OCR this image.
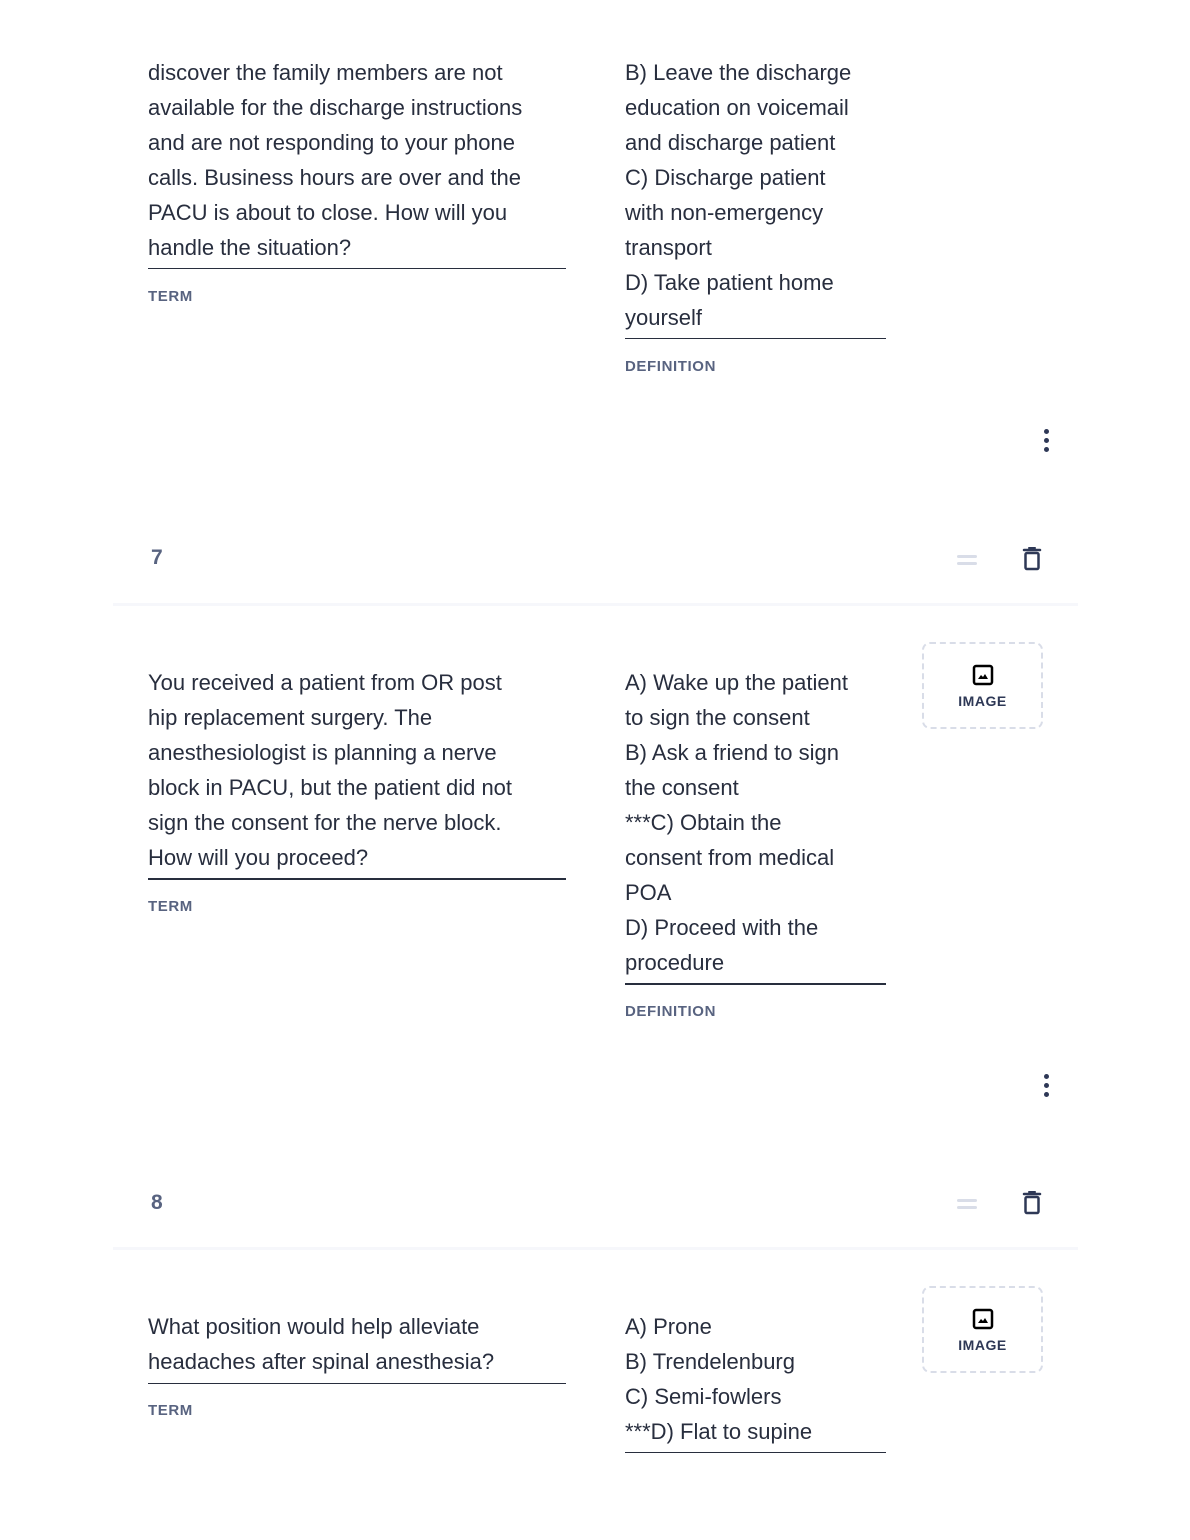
discover the family members are not
available for the discharge instructions
and are not responding to your phone
calls. Business hours are over and the
PACU is about to close. How will you
handle the situation?
TERM
B) Leave the discharge
education on voicemail
and discharge patient
C) Discharge patient
with non-emergency
transport
D) Take patient home
yourself
DEFINITION
7
You received a patient from OR post
hip replacement surgery. The
anesthesiologist is planning a nerve
block in PACU, but the patient did not
sign the consent for the nerve block.
How will you proceed?
TERM
A) Wake up the patient
to sign the consent
B) Ask a friend to sign
the consent
***C) Obtain the
consent from medical
POA
D) Proceed with the
procedure
DEFINITION
IMAGE
8
What position would help alleviate
headaches after spinal anesthesia?
TERM
A) Prone
B) Trendelenburg
C) Semi-fowlers
***D) Flat to supine
IMAGE
